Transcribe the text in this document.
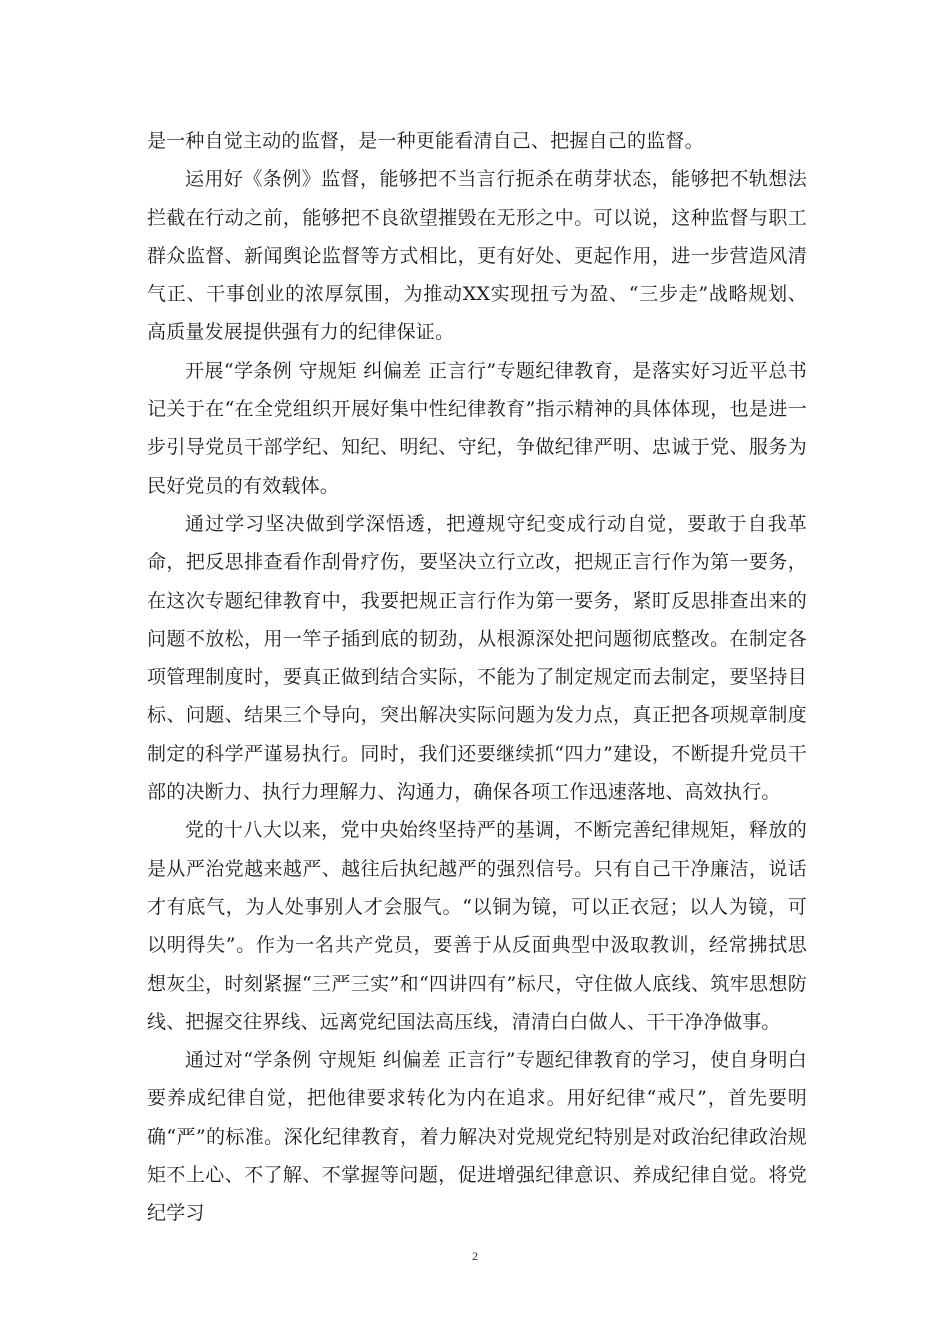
是一种自觉主动的监督，是一种更能看清自己、把握自己的监督。

运用好《条例》监督，能够把不当言行扼杀在萌芽状态，能够把不轨想法拦截在行动之前，能够把不良欲望摧毁在无形之中。可以说，这种监督与职工群众监督、新闻舆论监督等方式相比，更有好处、更起作用，进一步营造风清气正、干事创业的浓厚氛围，为推动XX实现扭亏为盈、“三步走”战略规划、高质量发展提供强有力的纪律保证。

开展“学条例 守规矩 纠偏差 正言行”专题纪律教育，是落实好习近平总书记关于在“在全党组织开展好集中性纪律教育”指示精神的具体体现，也是进一步引导党员干部学纪、知纪、明纪、守纪，争做纪律严明、忠诚于党、服务为民好党员的有效载体。

通过学习坚决做到学深悟透，把遵规守纪变成行动自觉，要敢于自我革命，把反思排查看作刮骨疗伤，要坚决立行立改，把规正言行作为第一要务，在这次专题纪律教育中，我要把规正言行作为第一要务，紧盯反思排查出来的问题不放松，用一竿子插到底的韧劲，从根源深处把问题彻底整改。在制定各项管理制度时，要真正做到结合实际，不能为了制定规定而去制定，要坚持目标、问题、结果三个导向，突出解决实际问题为发力点，真正把各项规章制度制定的科学严谨易执行。同时，我们还要继续抓“四力”建设，不断提升党员干部的决断力、执行力理解力、沟通力，确保各项工作迅速落地、高效执行。

党的十八大以来，党中央始终坚持严的基调，不断完善纪律规矩，释放的是从严治党越来越严、越往后执纪越严的强烈信号。只有自己干净廉洁，说话才有底气，为人处事别人才会服气。“以铜为镜，可以正衣冠；以人为镜，可以明得失”。作为一名共产党员，要善于从反面典型中汲取教训，经常拂拭思想灰尘，时刻紧握“三严三实”和“四讲四有”标尺，守住做人底线、筑牢思想防线、把握交往界线、远离党纪国法高压线，清清白白做人、干干净净做事。

通过对“学条例 守规矩 纠偏差 正言行”专题纪律教育的学习，使自身明白要养成纪律自觉，把他律要求转化为内在追求。用好纪律“戒尺”，首先要明确“严”的标准。深化纪律教育，着力解决对党规党纪特别是对政治纪律政治规矩不上心、不了解、不掌握等问题，促进增强纪律意识、养成纪律自觉。将党纪学习

2
